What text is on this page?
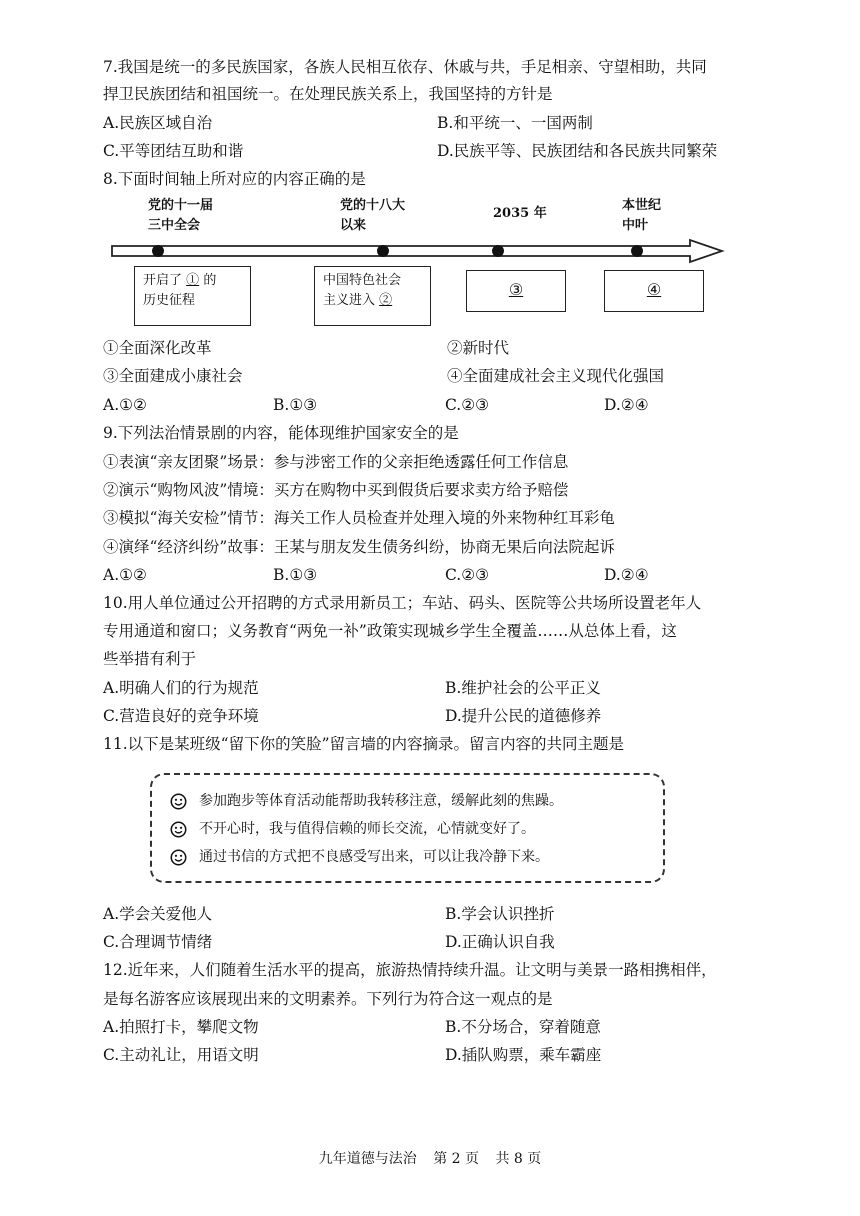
7.我国是统一的多民族国家，各族人民相互依存、休戚与共，手足相亲、守望相助，共同
捍卫民族团结和祖国统一。在处理民族关系上，我国坚持的方针是
A.民族区域自治	B.和平统一、一国两制
C.平等团结互助和谐	D.民族平等、民族团结和各民族共同繁荣
8.下面时间轴上所对应的内容正确的是
党的十一届
三中全会
党的十八大
以来
2035 年
本世纪
中叶
开启了 ① 的
历史征程
中国特色社会
主义进入 ②
③	④
①全面深化改革	②新时代
③全面建成小康社会	④全面建成社会主义现代化强国
A.①②	B.①③	C.②③	D.②④
9.下列法治情景剧的内容，能体现维护国家安全的是
①表演“亲友团聚”场景：参与涉密工作的父亲拒绝透露任何工作信息
②演示“购物风波”情境：买方在购物中买到假货后要求卖方给予赔偿
③模拟“海关安检”情节：海关工作人员检查并处理入境的外来物种红耳彩龟
④演绎“经济纠纷”故事：王某与朋友发生债务纠纷，协商无果后向法院起诉
A.①②	B.①③	C.②③	D.②④
10.用人单位通过公开招聘的方式录用新员工；车站、码头、医院等公共场所设置老年人
专用通道和窗口；义务教育“两免一补”政策实现城乡学生全覆盖……从总体上看，这
些举措有利于
A.明确人们的行为规范	B.维护社会的公平正义
C.营造良好的竞争环境	D.提升公民的道德修养
11.以下是某班级“留下你的笑脸”留言墙的内容摘录。留言内容的共同主题是
参加跑步等体育活动能帮助我转移注意，缓解此刻的焦躁。
不开心时，我与值得信赖的师长交流，心情就变好了。
通过书信的方式把不良感受写出来，可以让我冷静下来。
A.学会关爱他人	B.学会认识挫折
C.合理调节情绪	D.正确认识自我
12.近年来，人们随着生活水平的提高，旅游热情持续升温。让文明与美景一路相携相伴，
是每名游客应该展现出来的文明素养。下列行为符合这一观点的是
A.拍照打卡，攀爬文物	B.不分场合，穿着随意
C.主动礼让，用语文明	D.插队购票，乘车霸座
九年道德与法治 第 2 页 共 8 页
